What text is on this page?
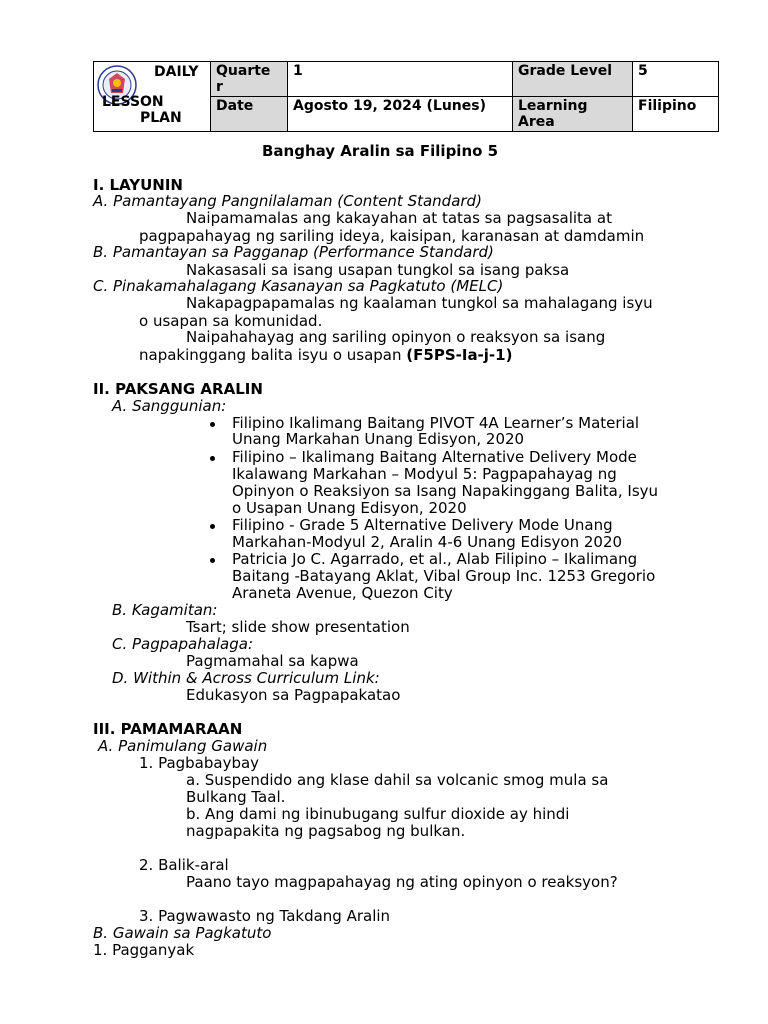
DAILY
LESSON
PLAN	Quarte r	1	Grade Level	5
	Date	Agosto 19, 2024 (Lunes)	Learning Area	Filipino
Banghay Aralin sa Filipino 5
I. LAYUNIN
A. Pamantayang Pangnilalaman (Content Standard)
Naipamamalas ang kakayahan at tatas sa pagsasalita at
pagpapahayag ng sariling ideya, kaisipan, karanasan at damdamin
B. Pamantayan sa Pagganap (Performance Standard)
Nakasasali sa isang usapan tungkol sa isang paksa
C. Pinakamahalagang Kasanayan sa Pagkatuto (MELC)
Nakapagpapamalas ng kaalaman tungkol sa mahalagang isyu
o usapan sa komunidad.
Naipahahayag ang sariling opinyon o reaksyon sa isang
napakinggang balita isyu o usapan (F5PS-Ia-j-1)
II. PAKSANG ARALIN
A. Sanggunian:
Filipino Ikalimang Baitang PIVOT 4A Learner’s Material
Unang Markahan Unang Edisyon, 2020
Filipino – Ikalimang Baitang Alternative Delivery Mode
Ikalawang Markahan – Modyul 5: Pagpapahayag ng
Opinyon o Reaksiyon sa Isang Napakinggang Balita, Isyu
o Usapan Unang Edisyon, 2020
Filipino - Grade 5 Alternative Delivery Mode Unang
Markahan-Modyul 2, Aralin 4-6 Unang Edisyon 2020
Patricia Jo C. Agarrado, et al., Alab Filipino – Ikalimang
Baitang -Batayang Aklat, Vibal Group Inc. 1253 Gregorio
Araneta Avenue, Quezon City
B. Kagamitan:
Tsart; slide show presentation
C. Pagpapahalaga:
Pagmamahal sa kapwa
D. Within & Across Curriculum Link:
Edukasyon sa Pagpapakatao
III. PAMAMARAAN
A. Panimulang Gawain
1. Pagbabaybay
a. Suspendido ang klase dahil sa volcanic smog mula sa
Bulkang Taal.
b. Ang dami ng ibinubugang sulfur dioxide ay hindi
nagpapakita ng pagsabog ng bulkan.
2. Balik-aral
Paano tayo magpapahayag ng ating opinyon o reaksyon?
3. Pagwawasto ng Takdang Aralin
B. Gawain sa Pagkatuto
1. Pagganyak
